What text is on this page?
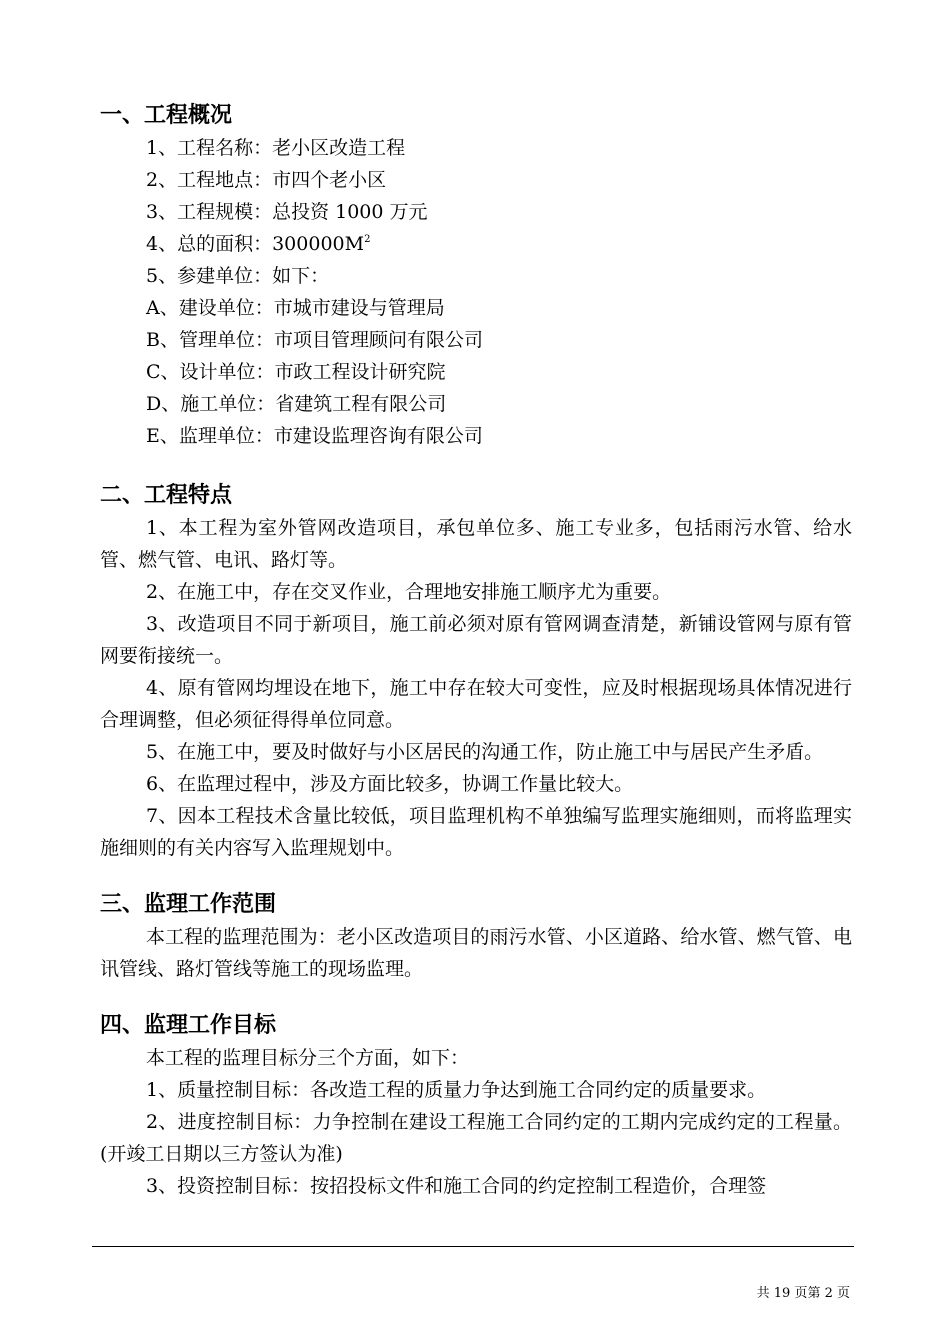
一、工程概况
1、工程名称：老小区改造工程
2、工程地点：市四个老小区
3、工程规模：总投资 1000 万元
4、总的面积：$300000M^2$
5、参建单位：如下：
A、建设单位：市城市建设与管理局
B、管理单位：市项目管理顾问有限公司
C、设计单位：市政工程设计研究院
D、施工单位：省建筑工程有限公司
E、监理单位：市建设监理咨询有限公司
二、工程特点

1、本工程为室外管网改造项目，承包单位多、施工专业多，包括雨污水管、给水管、燃气管、电讯、路灯等。

2、在施工中，存在交叉作业，合理地安排施工顺序尤为重要。

3、改造项目不同于新项目，施工前必须对原有管网调查清楚，新铺设管网与原有管网要衔接统一。

4、原有管网均埋设在地下，施工中存在较大可变性，应及时根据现场具体情况进行合理调整，但必须征得得单位同意。

5、在施工中，要及时做好与小区居民的沟通工作，防止施工中与居民产生矛盾。

6、在监理过程中，涉及方面比较多，协调工作量比较大。

7、因本工程技术含量比较低，项目监理机构不单独编写监理实施细则，而将监理实施细则的有关内容写入监理规划中。

三、监理工作范围

本工程的监理范围为：老小区改造项目的雨污水管、小区道路、给水管、燃气管、电讯管线、路灯管线等施工的现场监理。

四、监理工作目标

本工程的监理目标分三个方面，如下：

1、质量控制目标：各改造工程的质量力争达到施工合同约定的质量要求。

2、进度控制目标：力争控制在建设工程施工合同约定的工期内完成约定的工程量。(开竣工日期以三方签认为准)

3、投资控制目标：按招投标文件和施工合同的约定控制工程造价，合理签

共 19 页第 2 页
